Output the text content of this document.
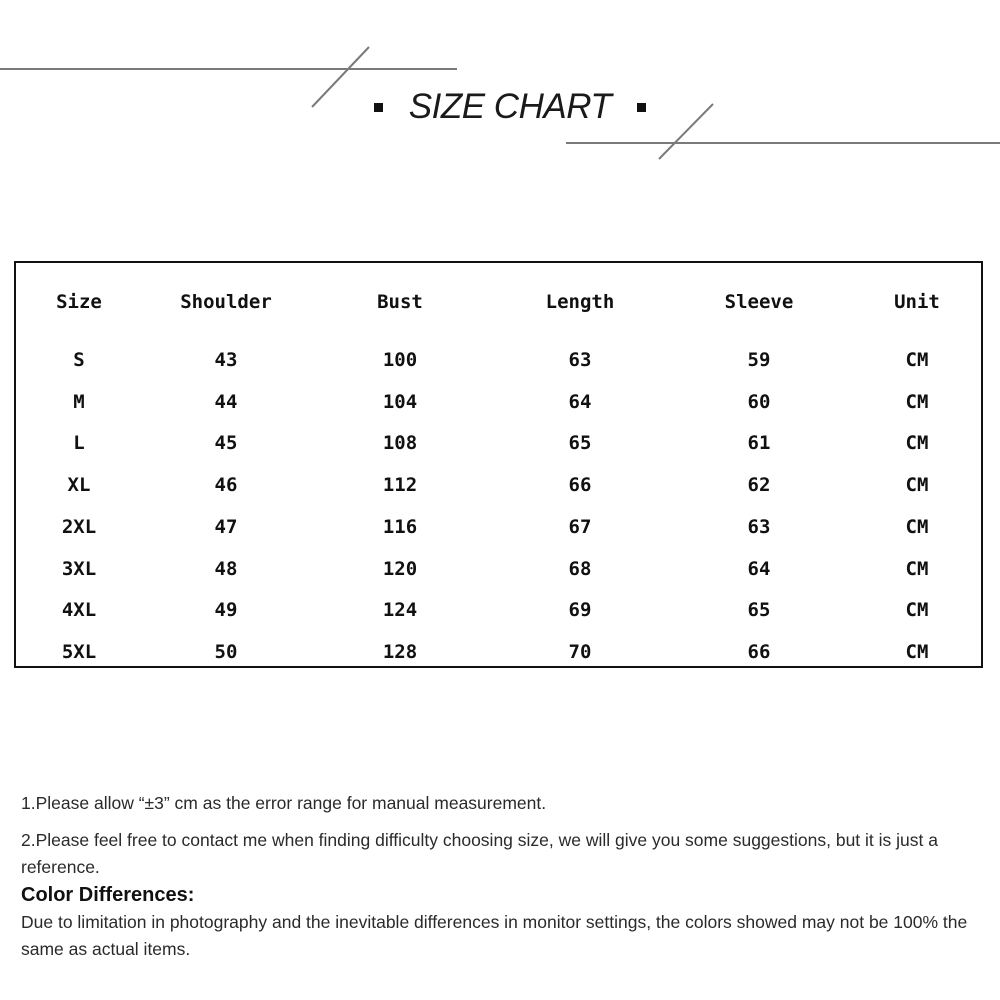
SIZE CHART
Size	Shoulder	Bust	Length	Sleeve	Unit
S	43	100	63	59	CM
M	44	104	64	60	CM
L	45	108	65	61	CM
XL	46	112	66	62	CM
2XL	47	116	67	63	CM
3XL	48	120	68	64	CM
4XL	49	124	69	65	CM
5XL	50	128	70	66	CM

1.Please allow “±3” cm as the error range for manual measurement.

2.Please feel free to contact me when finding difficulty choosing size, we will give you some suggestions, but it is just a reference.

Color Differences:

Due to limitation in photography and the inevitable differences in monitor settings, the colors showed may not be 100% the same as actual items.
